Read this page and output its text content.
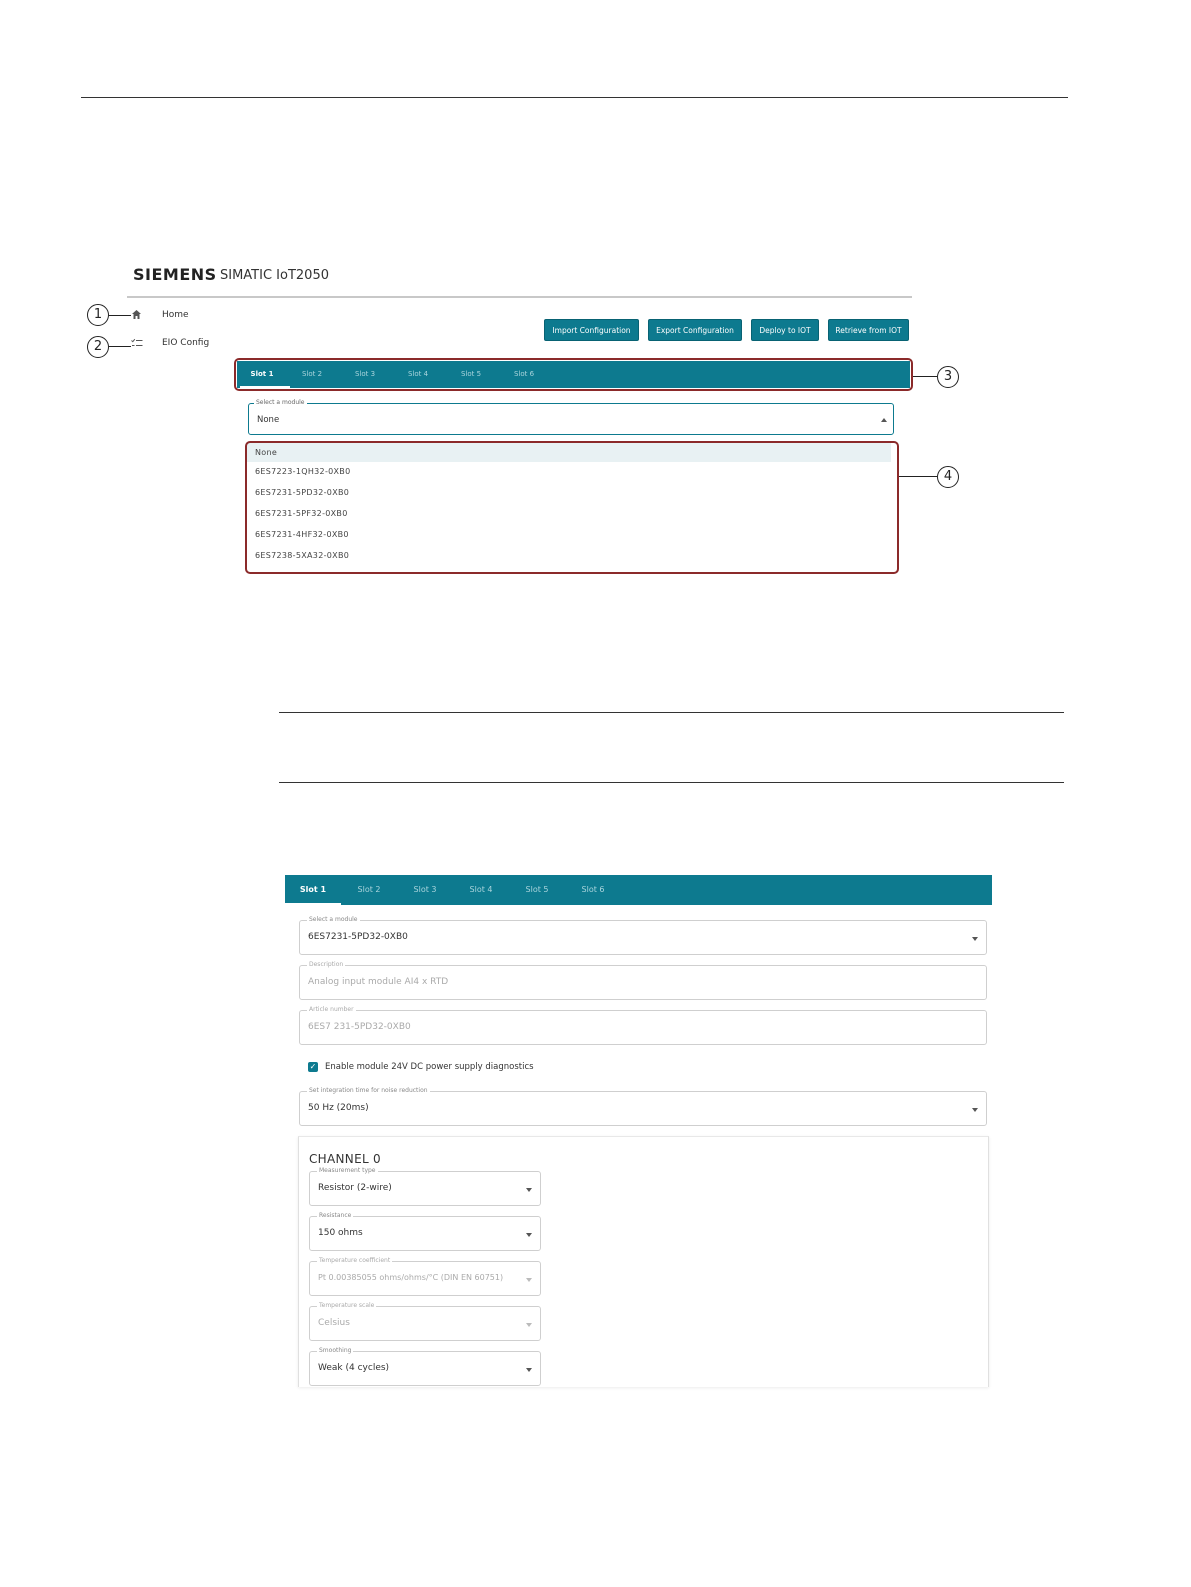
SIEMENS SIMATIC IoT2050
1	Home
2	EIO Config
Import Configuration	Export Configuration	Deploy to IOT	Retrieve from IOT
Slot 1	Slot 2	Slot 3	Slot 4	Slot 5	Slot 6	3
Select a module
None
None
6ES7223-1QH32-0XB0
6ES7231-5PD32-0XB0
6ES7231-5PF32-0XB0
6ES7231-4HF32-0XB0
6ES7238-5XA32-0XB0
4
Slot 1	Slot 2	Slot 3	Slot 4	Slot 5	Slot 6
Select a module
6ES7231-5PD32-0XB0
Description
Analog input module AI4 x RTD
Article number
6ES7 231-5PD32-0XB0
✓ Enable module 24V DC power supply diagnostics
Set integration time for noise reduction
50 Hz (20ms)
CHANNEL 0
Measurement type
Resistor (2-wire)
Resistance
150 ohms
Temperature coefficient
Pt 0.00385055 ohms/ohms/°C (DIN EN 60751)
Temperature scale
Celsius
Smoothing
Weak (4 cycles)
